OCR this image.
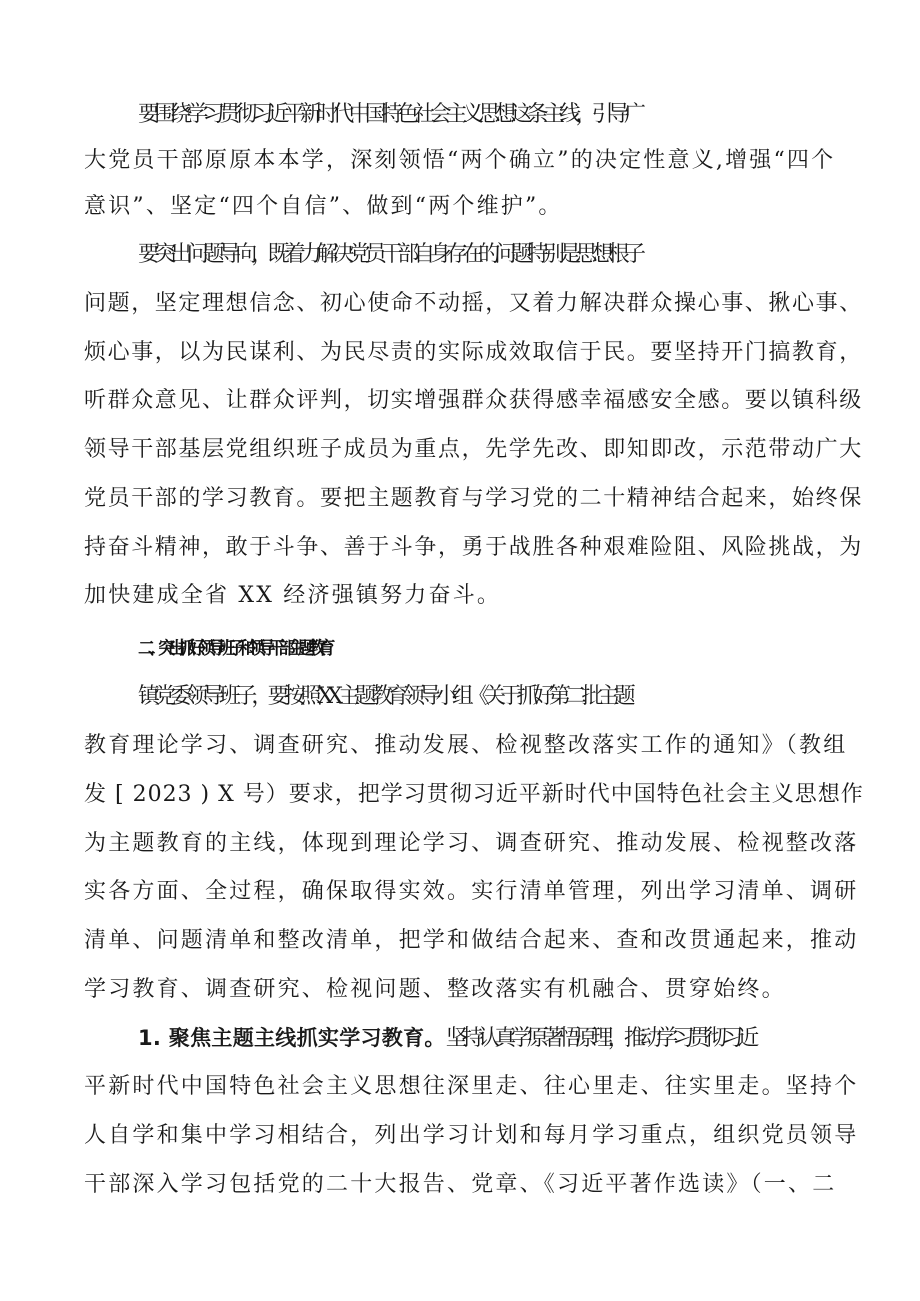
要围绕学习贯彻习近平新时代中国特色社会主义思想这条主线，引导广
大党员干部原原本本学，深刻领悟“两个确立”的决定性意义,增强“四个
意识”、坚定“四个自信”、做到“两个维护”。
要突出问题导向，既着力解决党员干部自身存在的问题特别是思想根子
问题，坚定理想信念、初心使命不动摇，又着力解决群众操心事、揪心事、
烦心事，以为民谋利、为民尽责的实际成效取信于民。要坚持开门搞教育，
听群众意见、让群众评判，切实增强群众获得感幸福感安全感。要以镇科级
领导干部基层党组织班子成员为重点，先学先改、即知即改，示范带动广大
党员干部的学习教育。要把主题教育与学习党的二十精神结合起来，始终保
持奋斗精神，敢于斗争、善于斗争，勇于战胜各种艰难险阻、风险挑战，为
加快建成全省 XX 经济强镇努力奋斗。
二、突出抓好领导班子和领导干部主题教育
镇党委领导班子，要按照 XX 主题教育领导小组《关于抓好第二批主题
教育理论学习、调查研究、推动发展、检视整改落实工作的通知》（教组
发 [ 2023 ) X 号）要求，把学习贯彻习近平新时代中国特色社会主义思想作
为主题教育的主线，体现到理论学习、调查研究、推动发展、检视整改落
实各方面、全过程，确保取得实效。实行清单管理，列出学习清单、调研
清单、问题清单和整改清单，把学和做结合起来、查和改贯通起来，推动
学习教育、调查研究、检视问题、整改落实有机融合、贯穿始终。
1. 聚焦主题主线抓实学习教育。坚持认真学原著悟原理，推动学习贯彻习近
平新时代中国特色社会主义思想往深里走、往心里走、往实里走。坚持个
人自学和集中学习相结合，列出学习计划和每月学习重点，组织党员领导
干部深入学习包括党的二十大报告、党章、《习近平著作选读》（一、二
